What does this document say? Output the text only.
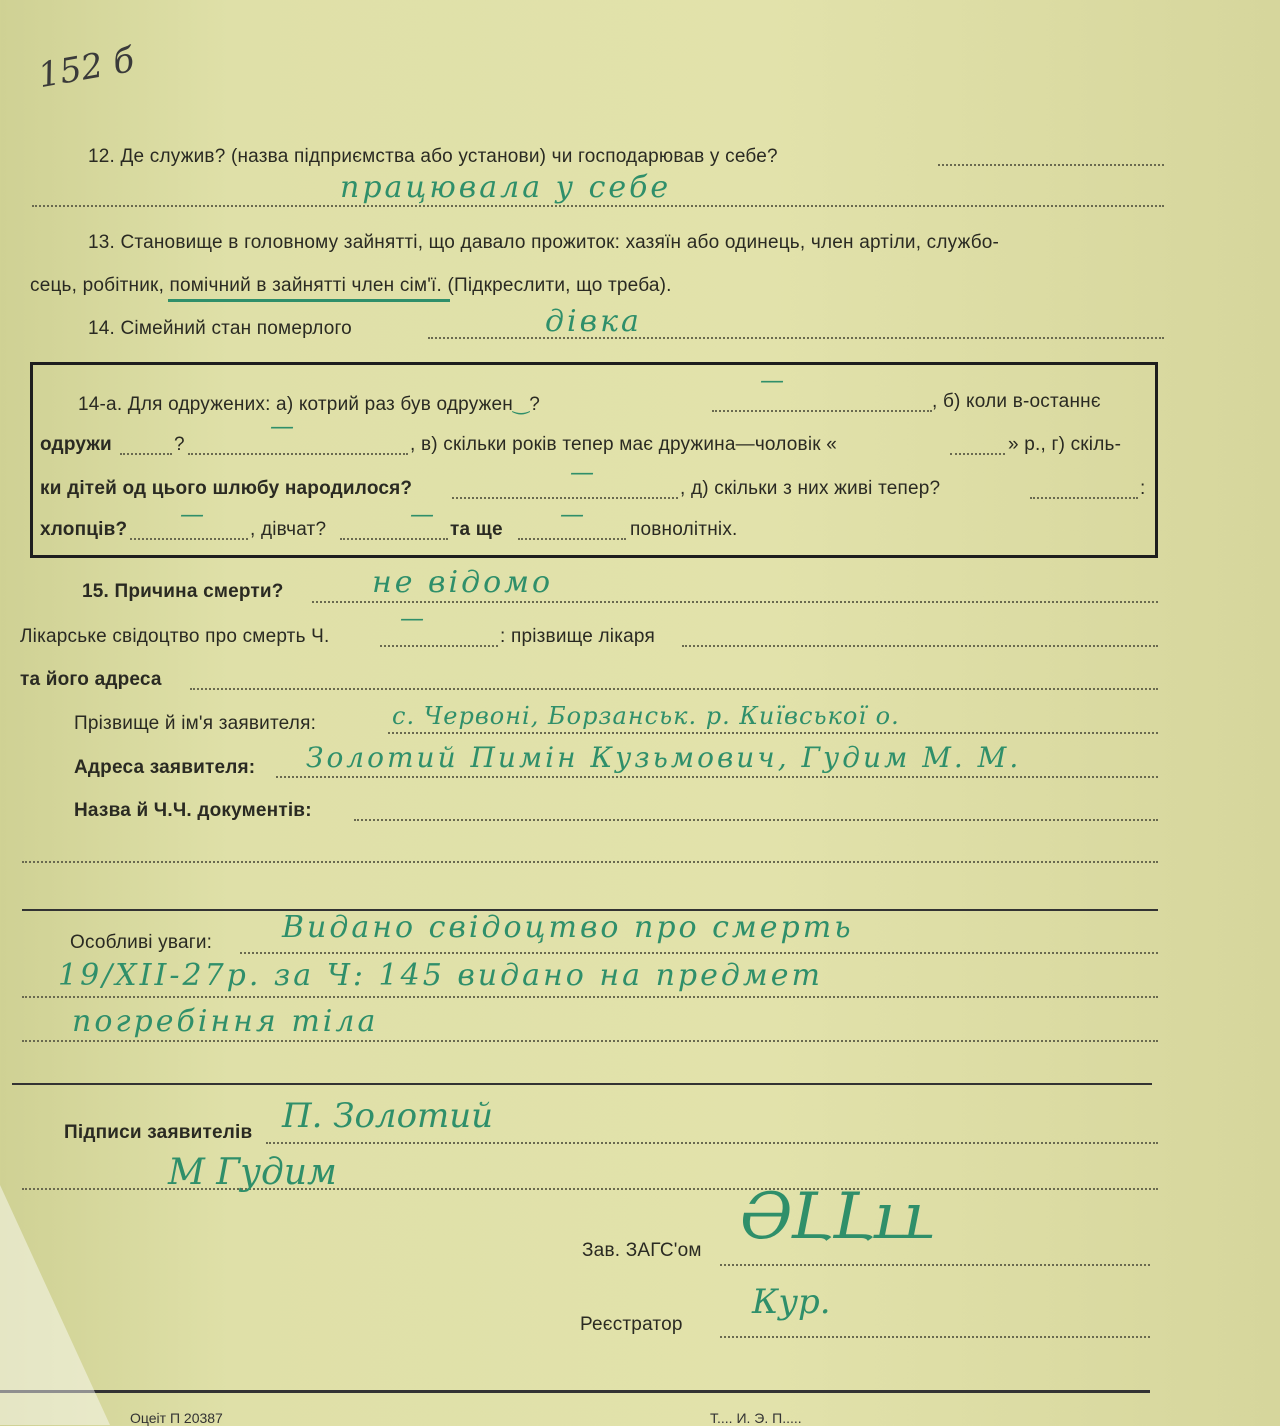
152 б
12. Де служив? (назва підприємства або установи) чи господарював у себе?
працювала у себе
13. Становище в головному зайнятті, що давало прожиток: хазяїн або одинець, член артіли, службо-
сець, робітник, помічний в зайнятті член сім'ї. (Підкреслити, що треба).
14. Сімейний стан померлого	дівка
14-а. Для одружених: а) котрий раз був одружен‿?	, б) коли в-останнє
—
одружи	?
—
, в) скільки років тепер має дружина—чоловік «	» р., г) скіль-
ки дітей од цього шлюбу народилося?
—
, д) скільки з них живі тепер?	:
хлопців?
—
, дівчат?
—
та ще
—
повнолітніх.
15. Причина смерти?	не відомо
Лікарське свідоцтво про смерть Ч.
—
: прізвище лікаря
та його адреса
Прізвище й ім'я заявителя:	с. Червоні, Борзанськ. р. Київської о.
Адреса заявителя: Золотий Пимін Кузьмович, Гудим М. М.
Назва й Ч.Ч. документів:
Особливі уваги: Видано свідоцтво про смерть
19/XII-27р. за Ч: 145 видано на предмет
погребіння тіла
Підписи заявителів П. Золотий
М Гудим
Зав. ЗАГС'ом ӘԼԼււ
Реєстратор
Кур.
Оцеіт П 20387	Т.... И. Э. П.....
